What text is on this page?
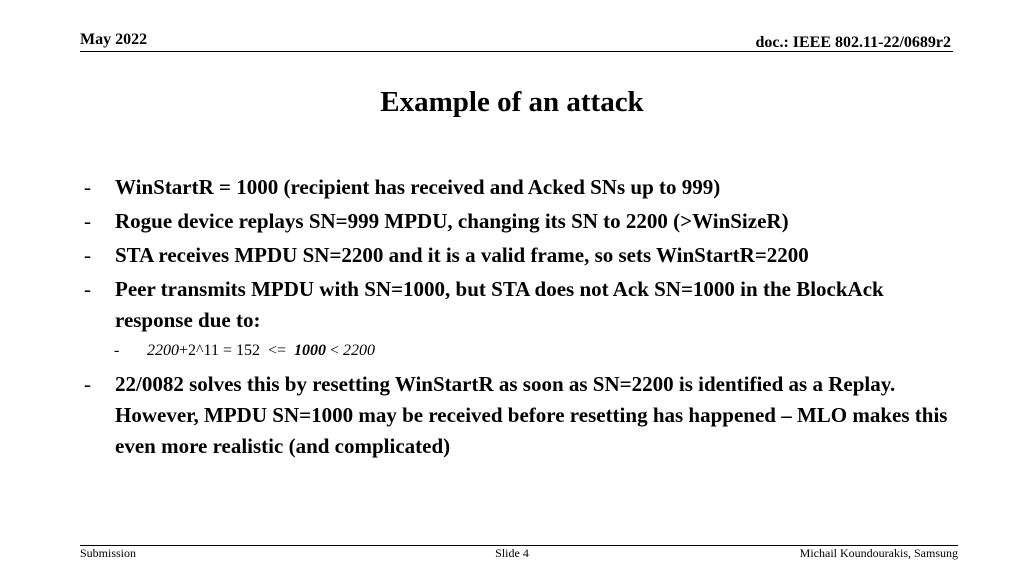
May 2022	doc.: IEEE 802.11-22/0689r2
Example of an attack
- WinStartR = 1000 (recipient has received and Acked SNs up to 999)
- Rogue device replays SN=999 MPDU, changing its SN to 2200 (>WinSizeR)
- STA receives MPDU SN=2200 and it is a valid frame, so sets WinStartR=2200
- Peer transmits MPDU with SN=1000, but STA does not Ack SN=1000 in the BlockAck response due to:
- 2200+2^11 = 152  <=  1000 < 2200
- 22/0082 solves this by resetting WinStartR as soon as SN=2200 is identified as a Replay. However, MPDU SN=1000 may be received before resetting has happened – MLO makes this even more realistic (and complicated)
Submission	Slide 4	Michail Koundourakis, Samsung
